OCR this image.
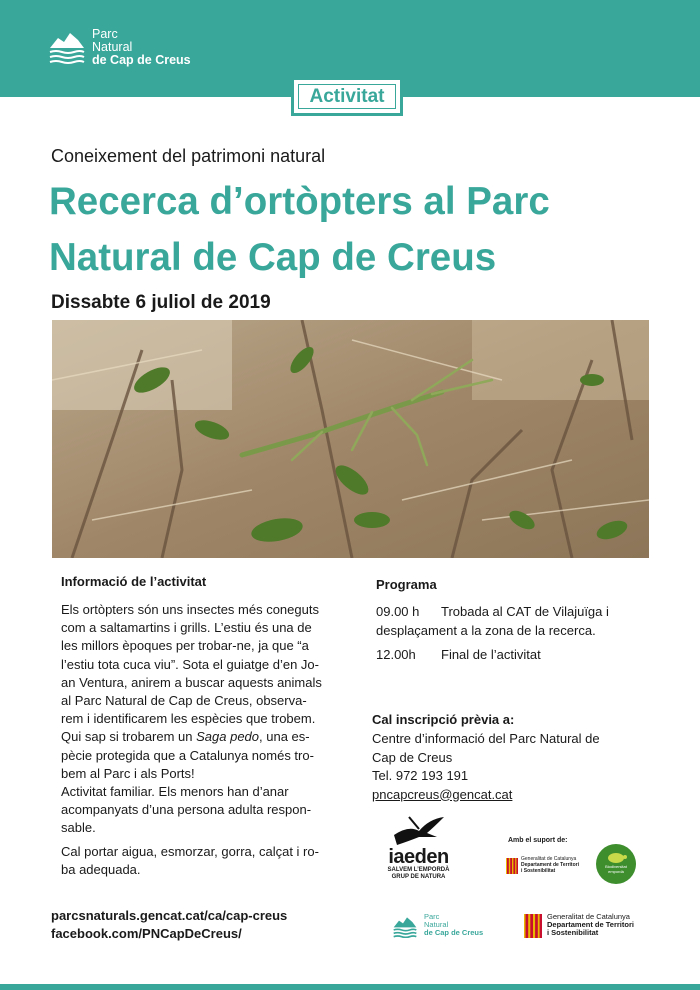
Parc
Natural
de Cap de Creus
Activitat
Coneixement del patrimoni natural
Recerca d’ortòpters al Parc
Natural de Cap de Creus
Dissabte 6 juliol de 2019
Informació de l’activitat

Els ortòpters són uns insectes més coneguts

com a saltamartins i grills. L’estiu és una de

les millors èpoques per trobar-ne, ja que “a

l’estiu tota cuca viu”. Sota el guiatge d’en Jo-

an Ventura, anirem a buscar aquests animals

al Parc Natural de Cap de Creus, observa-

rem i identificarem les espècies que trobem.

Qui sap si trobarem un Saga pedo, una es-

pècie protegida que a Catalunya només tro-

bem al Parc i als Ports!

Activitat familiar. Els menors han d’anar

acompanyats d’una persona adulta respon-

sable.

Cal portar aigua, esmorzar, gorra, calçat i ro-

ba adequada.

Programa
09.00 h Trobada al CAT de Vilajuïga i
desplaçament a la zona de la recerca.
12.00h Final de l’activitat
Cal inscripció prèvia a:

Centre d’informació del Parc Natural de

Cap de Creus

Tel. 972 193 191

pncapcreus@gencat.cat

parcsnaturals.gencat.cat/ca/cap-creus
facebook.com/PNCapDeCreus/
iaeden
SALVEM L’EMPORDÀ
GRUP DE NATURA
Amb el suport de:
Generalitat de Catalunya
Departament de Territori
i Sostenibilitat
Biodiversitat
empordà
Parc
Natural
de Cap de Creus
Generalitat de Catalunya
Departament de Territori
i Sostenibilitat
